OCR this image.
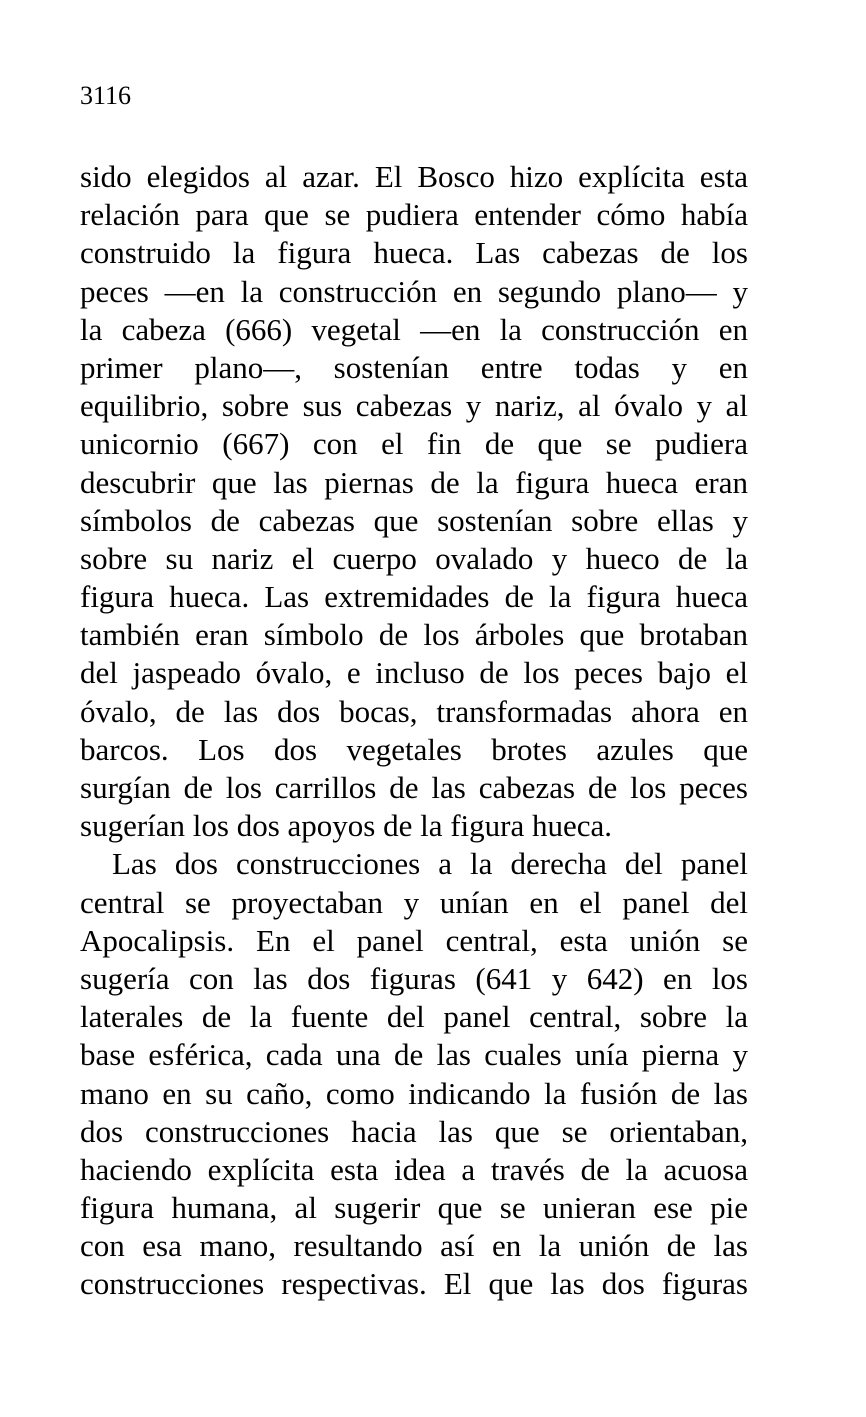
3116

sido elegidos al azar. El Bosco hizo explícita esta
relación para que se pudiera entender cómo había
construido la figura hueca. Las cabezas de los
peces —en la construcción en segundo plano— y
la cabeza (666) vegetal —en la construcción en
primer plano—, sostenían entre todas y en
equilibrio, sobre sus cabezas y nariz, al óvalo y al
unicornio (667) con el fin de que se pudiera
descubrir que las piernas de la figura hueca eran
símbolos de cabezas que sostenían sobre ellas y
sobre su nariz el cuerpo ovalado y hueco de la
figura hueca. Las extremidades de la figura hueca
también eran símbolo de los árboles que brotaban
del jaspeado óvalo, e incluso de los peces bajo el
óvalo, de las dos bocas, transformadas ahora en
barcos. Los dos vegetales brotes azules que
surgían de los carrillos de las cabezas de los peces
sugerían los dos apoyos de la figura hueca.

Las dos construcciones a la derecha del panel
central se proyectaban y unían en el panel del
Apocalipsis. En el panel central, esta unión se
sugería con las dos figuras (641 y 642) en los
laterales de la fuente del panel central, sobre la
base esférica, cada una de las cuales unía pierna y
mano en su caño, como indicando la fusión de las
dos construcciones hacia las que se orientaban,
haciendo explícita esta idea a través de la acuosa
figura humana, al sugerir que se unieran ese pie
con esa mano, resultando así en la unión de las
construcciones respectivas. El que las dos figuras
